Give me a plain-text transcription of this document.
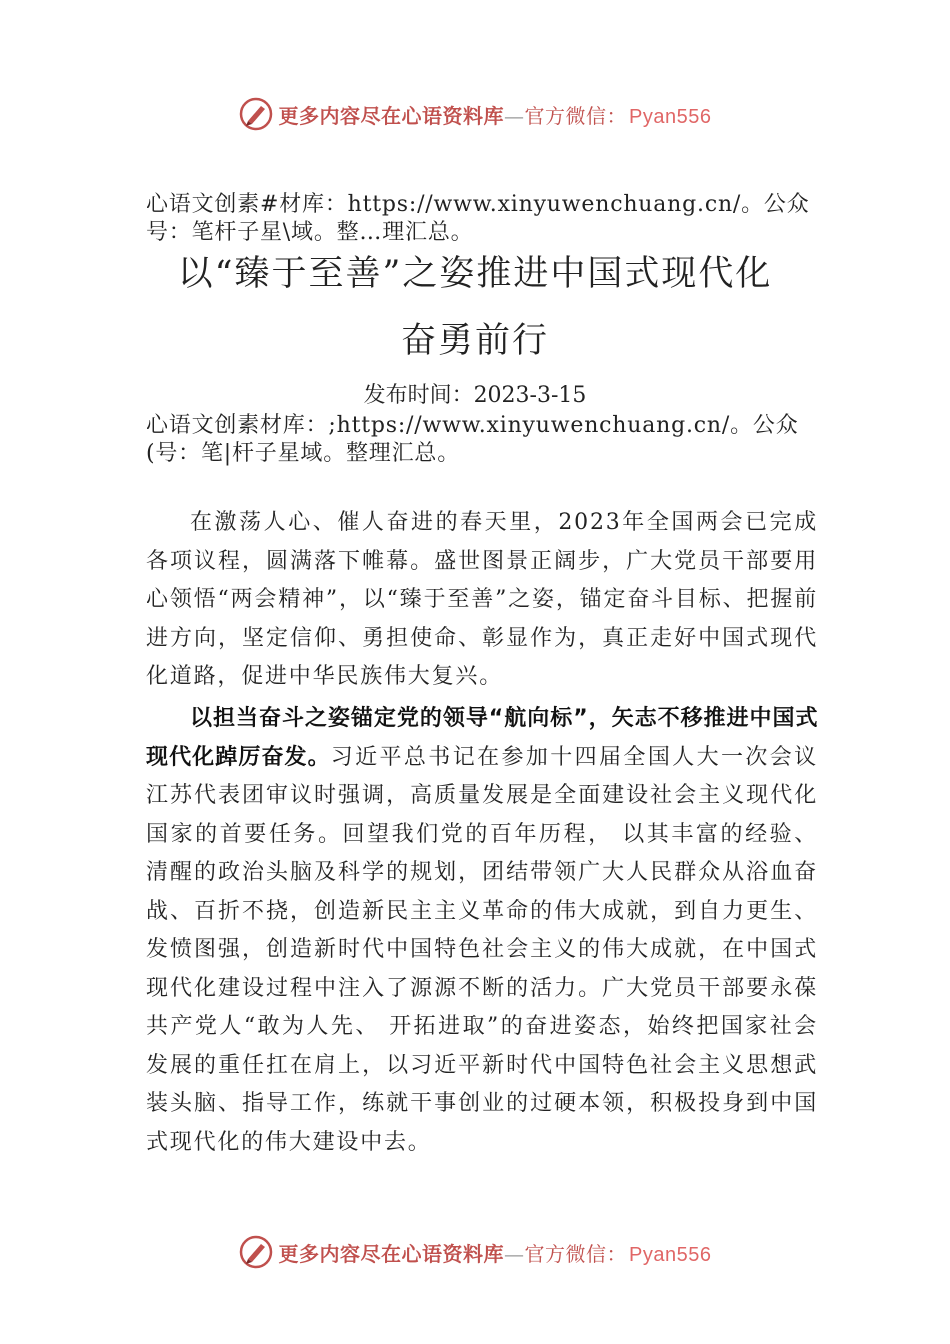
更多内容尽在心语资料库—官方微信： Pyan556
心语文创素#材库：https://www.xinyuwenchuang.cn/。公众号：笔杆子星\域。整…理汇总。
以“臻于至善”之姿推进中国式现代化
奋勇前行
发布时间：2023-3-15
心语文创素材库：;https://www.xinyuwenchuang.cn/。公众(号：笔|杆子星域。整理汇总。

在激荡人心、催人奋进的春天里，2023年全国两会已完成各项议程，圆满落下帷幕。盛世图景正阔步，广大党员干部要用心领悟“两会精神”，以“臻于至善”之姿，锚定奋斗目标、把握前进方向，坚定信仰、勇担使命、彰显作为，真正走好中国式现代化道路，促进中华民族伟大复兴。

以担当奋斗之姿锚定党的领导“航向标”，矢志不移推进中国式现代化踔厉奋发。习近平总书记在参加十四届全国人大一次会议江苏代表团审议时强调，高质量发展是全面建设社会主义现代化国家的首要任务。回望我们党的百年历程， 以其丰富的经验、清醒的政治头脑及科学的规划，团结带领广大人民群众从浴血奋战、百折不挠，创造新民主主义革命的伟大成就，到自力更生、发愤图强，创造新时代中国特色社会主义的伟大成就，在中国式现代化建设过程中注入了源源不断的活力。广大党员干部要永葆共产党人“敢为人先、 开拓进取”的奋进姿态，始终把国家社会发展的重任扛在肩上，以习近平新时代中国特色社会主义思想武装头脑、指导工作，练就干事创业的过硬本领，积极投身到中国式现代化的伟大建设中去。

更多内容尽在心语资料库—官方微信： Pyan556
